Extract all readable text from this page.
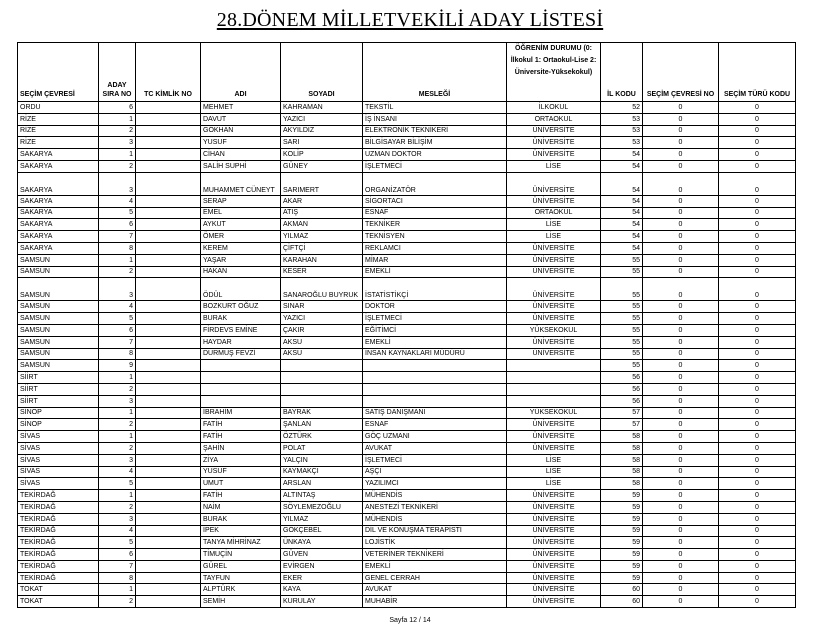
28.DÖNEM MİLLETVEKİLİ ADAY LİSTESİ
SEÇİM ÇEVRESİ	ADAY SIRA NO	TC KİMLİK NO	ADI	SOYADI	MESLEĞİ	ÖĞRENİM DURUMU (0: İlkokul 1: Ortaokul-Lise 2: Üniversite-Yüksekokul)	İL KODU	SEÇİM ÇEVRESİ NO	SEÇİM TÜRÜ KODU
ORDU	6		MEHMET	KAHRAMAN	TEKSTİL	İLKOKUL	52	0	0
RİZE	1		DAVUT	YAZICI	İŞ İNSANI	ORTAOKUL	53	0	0
RİZE	2		GÖKHAN	AKYILDIZ	ELEKTRONİK TEKNİKERİ	ÜNİVERSİTE	53	0	0
RİZE	3		YUSUF	SARI	BİLGİSAYAR BİLİŞİM	ÜNİVERSİTE	53	0	0
SAKARYA	1		CİHAN	KOLİP	UZMAN DOKTOR	ÜNİVERSİTE	54	0	0
SAKARYA	2		SALİH SUPHİ	GÜNEY	İŞLETMECİ	LİSE	54	0	0
SAKARYA	3		MUHAMMET CÜNEYT	SARIMERT	ORGANİZATÖR	ÜNİVERSİTE	54	0	0
SAKARYA	4		SERAP	AKAR	SİGORTACI	ÜNİVERSİTE	54	0	0
SAKARYA	5		EMEL	ATIŞ	ESNAF	ORTAOKUL	54	0	0
SAKARYA	6		AYKUT	AKMAN	TEKNİKER	LİSE	54	0	0
SAKARYA	7		ÖMER	YILMAZ	TEKNİSYEN	LİSE	54	0	0
SAKARYA	8		KEREM	ÇİFTÇİ	REKLAMCI	ÜNİVERSİTE	54	0	0
SAMSUN	1		YAŞAR	KARAHAN	MİMAR	ÜNİVERSİTE	55	0	0
SAMSUN	2		HAKAN	KESER	EMEKLİ	ÜNİVERSİTE	55	0	0
SAMSUN	3		ÖDÜL	SANAROĞLU BUYRUK	İSTATİSTİKÇİ	ÜNİVERSİTE	55	0	0
SAMSUN	4		BOZKURT OĞUZ	SINAR	DOKTOR	ÜNİVERSİTE	55	0	0
SAMSUN	5		BURAK	YAZICI	İŞLETMECİ	ÜNİVERSİTE	55	0	0
SAMSUN	6		FİRDEVS EMİNE	ÇAKIR	EĞİTİMCİ	YÜKSEKOKUL	55	0	0
SAMSUN	7		HAYDAR	AKSU	EMEKLİ	ÜNİVERSİTE	55	0	0
SAMSUN	8		DURMUŞ FEVZİ	AKSU	İNSAN KAYNAKLARI MÜDÜRÜ	ÜNİVERSİTE	55	0	0
SAMSUN	9						55	0	0
SİİRT	1						56	0	0
SİİRT	2						56	0	0
SİİRT	3						56	0	0
SİNOP	1		İBRAHİM	BAYRAK	SATIŞ DANIŞMANI	YÜKSEKOKUL	57	0	0
SİNOP	2		FATİH	ŞANLAN	ESNAF	ÜNİVERSİTE	57	0	0
SİVAS	1		FATİH	ÖZTÜRK	GÖÇ UZMANI	ÜNİVERSİTE	58	0	0
SİVAS	2		ŞAHİN	POLAT	AVUKAT	ÜNİVERSİTE	58	0	0
SİVAS	3		ZİYA	YALÇIN	İŞLETMECİ	LİSE	58	0	0
SİVAS	4		YUSUF	KAYMAKÇI	AŞÇI	LİSE	58	0	0
SİVAS	5		UMUT	ARSLAN	YAZILIMCI	LİSE	58	0	0
TEKİRDAĞ	1		FATİH	ALTINTAŞ	MÜHENDİS	ÜNİVERSİTE	59	0	0
TEKİRDAĞ	2		NAİM	SÖYLEMEZOĞLU	ANESTEZİ TEKNİKERİ	ÜNİVERSİTE	59	0	0
TEKİRDAĞ	3		BURAK	YILMAZ	MÜHENDİS	ÜNİVERSİTE	59	0	0
TEKİRDAĞ	4		İPEK	GÖKÇEBEL	DİL VE KONUŞMA TERAPİSTİ	ÜNİVERSİTE	59	0	0
TEKİRDAĞ	5		TANYA MİHRİNAZ	ÜNKAYA	LOJİSTİK	ÜNİVERSİTE	59	0	0
TEKİRDAĞ	6		TİMUÇİN	GÜVEN	VETERİNER TEKNİKERİ	ÜNİVERSİTE	59	0	0
TEKİRDAĞ	7		GÜREL	EVİRGEN	EMEKLİ	ÜNİVERSİTE	59	0	0
TEKİRDAĞ	8		TAYFUN	EKER	GENEL CERRAH	ÜNİVERSİTE	59	0	0
TOKAT	1		ALPTÜRK	KAYA	AVUKAT	ÜNİVERSİTE	60	0	0
TOKAT	2		SEMİH	KURULAY	MUHABİR	ÜNİVERSİTE	60	0	0
Sayfa 12 / 14
